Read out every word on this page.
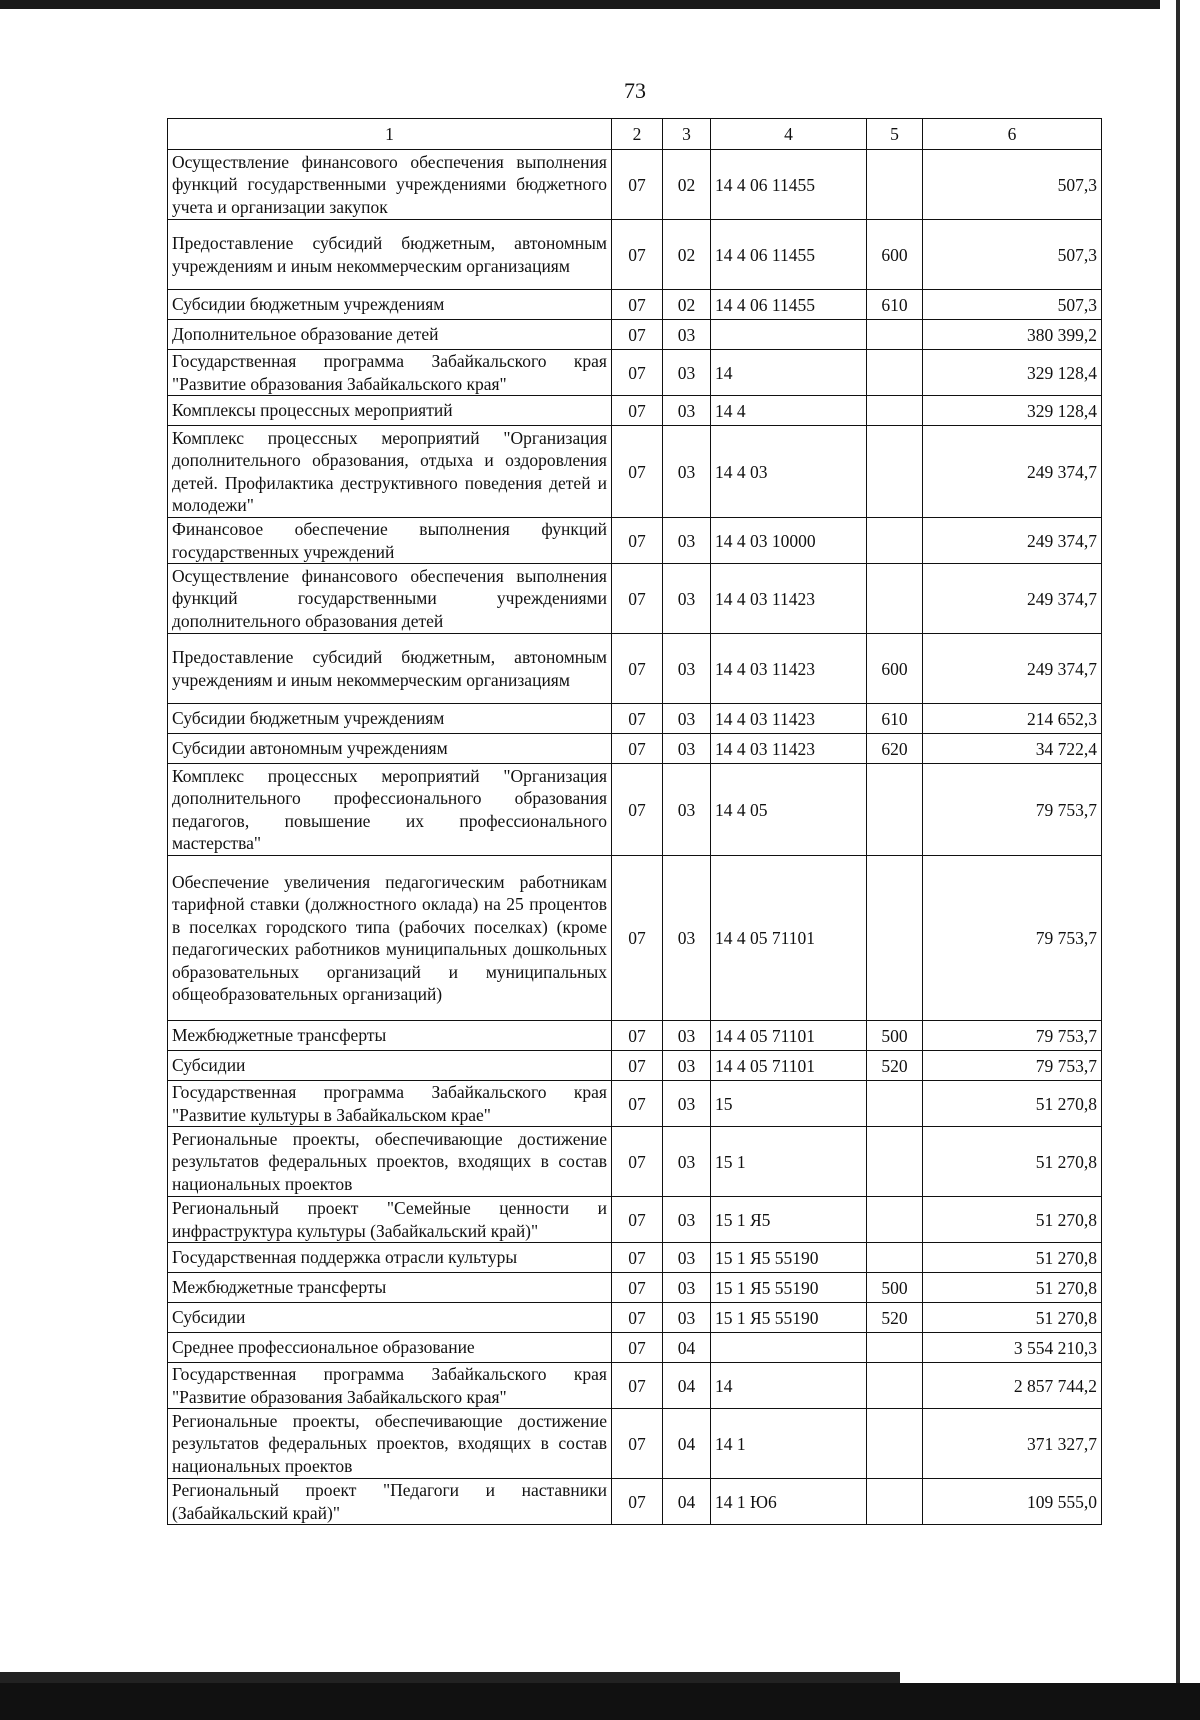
73
1	2	3	4	5	6
Осуществление финансового обеспечения выполнения функций государственными учреждениями бюджетного учета и организации закупок	07	02	14 4 06 11455		507,3
Предоставление субсидий бюджетным, автономным учреждениям и иным некоммерческим организациям	07	02	14 4 06 11455	600	507,3
Субсидии бюджетным учреждениям	07	02	14 4 06 11455	610	507,3
Дополнительное образование детей	07	03			380 399,2
Государственная программа Забайкальского края "Развитие образования Забайкальского края"	07	03	14		329 128,4
Комплексы процессных мероприятий	07	03	14 4		329 128,4
Комплекс процессных мероприятий "Организация дополнительного образования, отдыха и оздоровления детей. Профилактика деструктивного поведения детей и молодежи"	07	03	14 4 03		249 374,7
Финансовое обеспечение выполнения функций государственных учреждений	07	03	14 4 03 10000		249 374,7
Осуществление финансового обеспечения выполнения функций государственными учреждениями дополнительного образования детей	07	03	14 4 03 11423		249 374,7
Предоставление субсидий бюджетным, автономным учреждениям и иным некоммерческим организациям	07	03	14 4 03 11423	600	249 374,7
Субсидии бюджетным учреждениям	07	03	14 4 03 11423	610	214 652,3
Субсидии автономным учреждениям	07	03	14 4 03 11423	620	34 722,4
Комплекс процессных мероприятий "Организация дополнительного профессионального образования педагогов, повышение их профессионального мастерства"	07	03	14 4 05		79 753,7
Обеспечение увеличения педагогическим работникам тарифной ставки (должностного оклада) на 25 процентов в поселках городского типа (рабочих поселках) (кроме педагогических работников муниципальных дошкольных образовательных организаций и муниципальных общеобразовательных организаций)	07	03	14 4 05 71101		79 753,7
Межбюджетные трансферты	07	03	14 4 05 71101	500	79 753,7
Субсидии	07	03	14 4 05 71101	520	79 753,7
Государственная программа Забайкальского края "Развитие культуры в Забайкальском крае"	07	03	15		51 270,8
Региональные проекты, обеспечивающие достижение результатов федеральных проектов, входящих в состав национальных проектов	07	03	15 1		51 270,8
Региональный проект "Семейные ценности и инфраструктура культуры (Забайкальский край)"	07	03	15 1 Я5		51 270,8
Государственная поддержка отрасли культуры	07	03	15 1 Я5 55190		51 270,8
Межбюджетные трансферты	07	03	15 1 Я5 55190	500	51 270,8
Субсидии	07	03	15 1 Я5 55190	520	51 270,8
Среднее профессиональное образование	07	04			3 554 210,3
Государственная программа Забайкальского края "Развитие образования Забайкальского края"	07	04	14		2 857 744,2
Региональные проекты, обеспечивающие достижение результатов федеральных проектов, входящих в состав национальных проектов	07	04	14 1		371 327,7
Региональный проект "Педагоги и наставники (Забайкальский край)"	07	04	14 1 Ю6		109 555,0
